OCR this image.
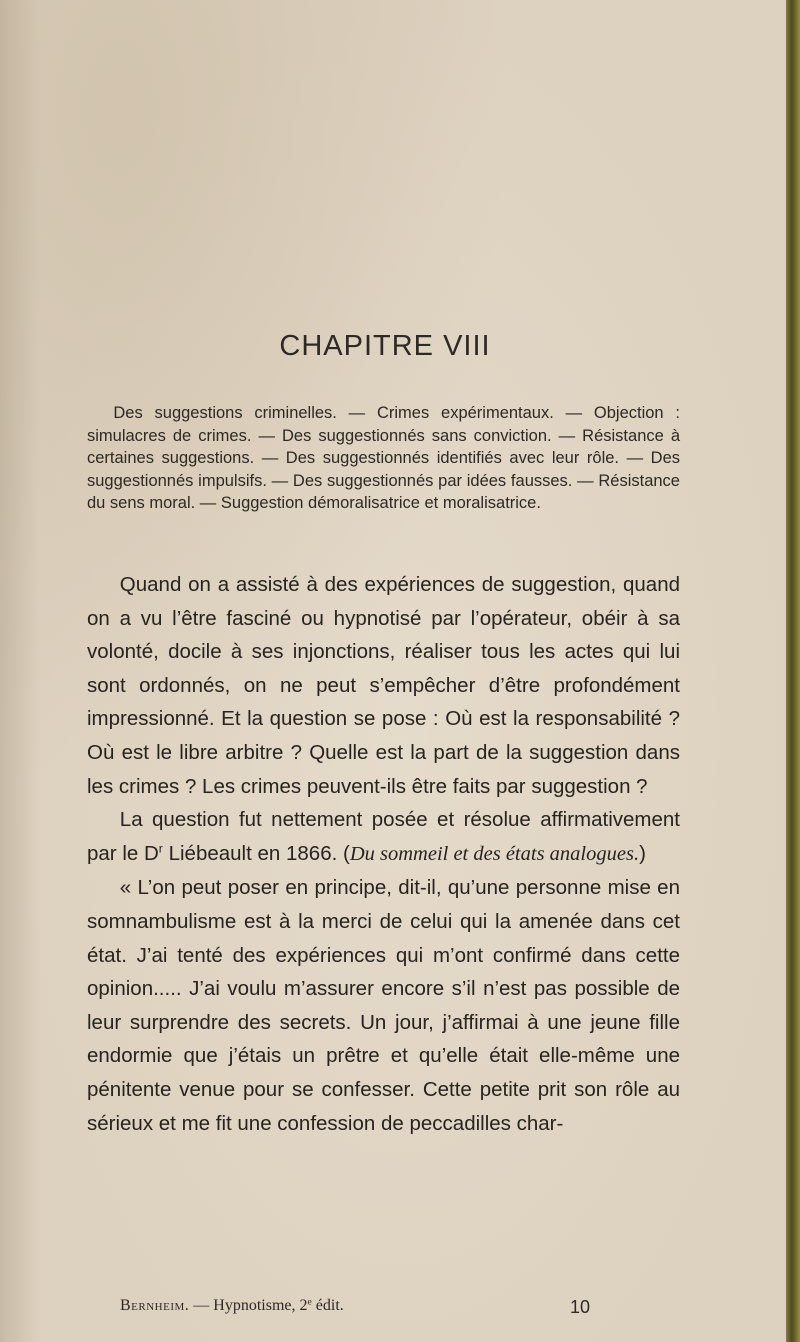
CHAPITRE VIII
Des suggestions criminelles. — Crimes expérimentaux. — Objection : simulacres de crimes. — Des suggestionnés sans conviction. — Résistance à certaines suggestions. — Des suggestionnés identifiés avec leur rôle. — Des suggestionnés impulsifs. — Des suggestionnés par idées fausses. — Résistance du sens moral. — Suggestion démoralisatrice et moralisatrice.

Quand on a assisté à des expériences de suggestion, quand on a vu l’être fasciné ou hypnotisé par l’opérateur, obéir à sa volonté, docile à ses injonctions, réaliser tous les actes qui lui sont ordonnés, on ne peut s’empêcher d’être profondément impressionné. Et la question se pose : Où est la responsabilité ? Où est le libre arbitre ? Quelle est la part de la suggestion dans les crimes ? Les crimes peuvent-ils être faits par suggestion ?

La question fut nettement posée et résolue affirmativement par le $D^r$ Liébeault en 1866. (Du sommeil et des états analogues.)

« L’on peut poser en principe, dit-il, qu’une personne mise en somnambulisme est à la merci de celui qui la amenée dans cet état. J’ai tenté des expériences qui m’ont confirmé dans cette opinion..... J’ai voulu m’assurer encore s’il n’est pas possible de leur surprendre des secrets. Un jour, j’affirmai à une jeune fille endormie que j’étais un prêtre et qu’elle était elle-même une pénitente venue pour se confesser. Cette petite prit son rôle au sérieux et me fit une confession de peccadilles char-

Bernheim. — Hypnotisme, 2e édit.	10
